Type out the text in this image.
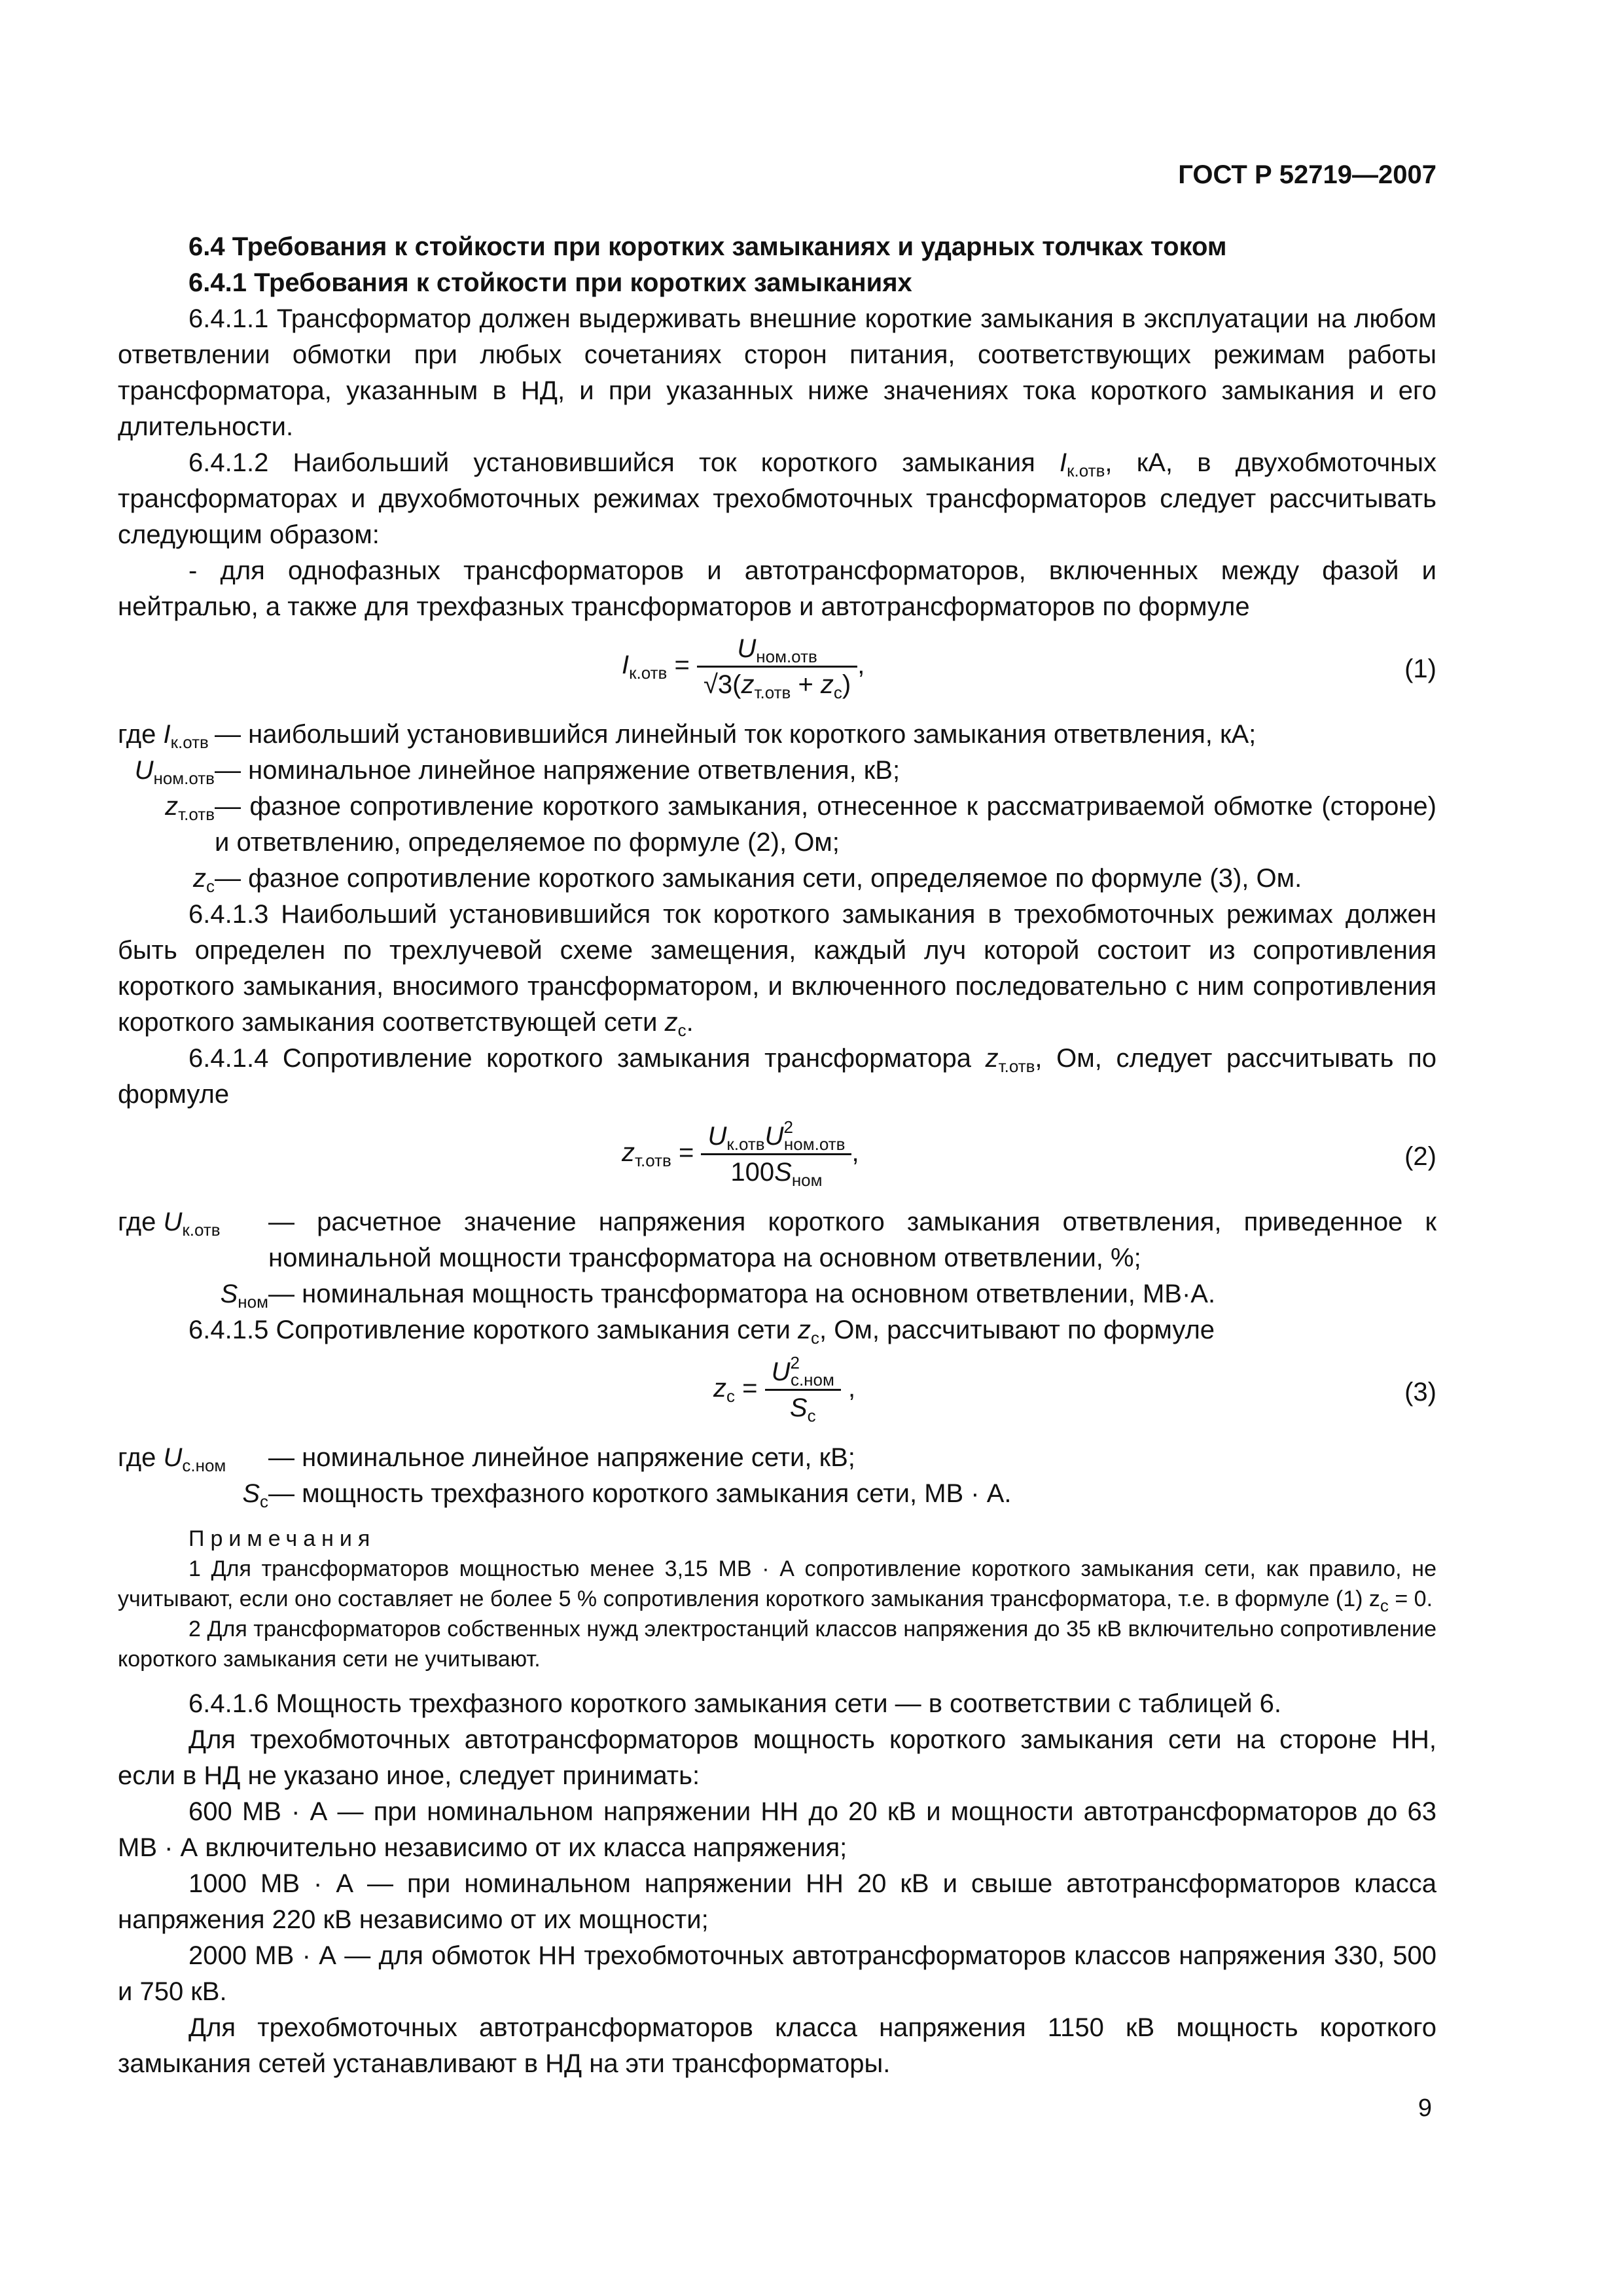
ГОСТ Р 52719—2007

6.4 Требования к стойкости при коротких замыканиях и ударных толчках током

6.4.1 Требования к стойкости при коротких замыканиях

6.4.1.1 Трансформатор должен выдерживать внешние короткие замыкания в эксплуатации на любом ответвлении обмотки при любых сочетаниях сторон питания, соответствующих режимам работы трансформатора, указанным в НД, и при указанных ниже значениях тока короткого замыкания и его длительности.

6.4.1.2 Наибольший установившийся ток короткого замыкания $I_{к.отв}$, кА, в двухобмоточных трансформаторах и двухобмоточных режимах трехобмоточных трансформаторов следует рассчитывать следующим образом:

- для однофазных трансформаторов и автотрансформаторов, включенных между фазой и нейтралью, а также для трехфазных трансформаторов и автотрансформаторов по формуле

$I_{к.отв} = \frac{U_{ном.отв}}{√3(z_{т.отв} + z_c)}$ ,	(1)
где $I_{к.отв}$ — наибольший установившийся линейный ток короткого замыкания ответвления, кА;
$U_{ном.отв}$ — номинальное линейное напряжение ответвления, кВ;
$z_{т.отв}$ — фазное сопротивление короткого замыкания, отнесенное к рассматриваемой обмотке (стороне) и ответвлению, определяемое по формуле (2), Ом;
$z_c$ — фазное сопротивление короткого замыкания сети, определяемое по формуле (3), Ом.

6.4.1.3 Наибольший установившийся ток короткого замыкания в трехобмоточных режимах должен быть определен по трехлучевой схеме замещения, каждый луч которой состоит из сопротивления короткого замыкания, вносимого трансформатором, и включенного последовательно с ним сопротивления короткого замыкания соответствующей сети $z_c$.

6.4.1.4 Сопротивление короткого замыкания трансформатора $z_{т.отв}$, Ом, следует рассчитывать по формуле

$z_{т.отв} = \frac{U_{к.отв}U^2_{ном.отв}}{100S_{ном}}$ ,	(2)
где $U_{к.отв}$	— расчетное значение напряжения короткого замыкания ответвления, приведенное к номинальной мощности трансформатора на основном ответвлении, %;
$S_{ном}$ — номинальная мощность трансформатора на основном ответвлении, МВ·А.

6.4.1.5 Сопротивление короткого замыкания сети $z_c$, Ом, рассчитывают по формуле

$z_c = \frac{U^2_{с.ном}}{S_c}$ ,	(3)
где $U_{с.ном}$	— номинальное линейное напряжение сети, кВ;
$S_с$ — мощность трехфазного короткого замыкания сети, МВ · А.
Примечания

1 Для трансформаторов мощностью менее 3,15 МВ · А сопротивление короткого замыкания сети, как правило, не учитывают, если оно составляет не более 5 % сопротивления короткого замыкания трансформатора, т.е. в формуле (1) $z_c = 0$.

2 Для трансформаторов собственных нужд электростанций классов напряжения до 35 кВ включительно сопротивление короткого замыкания сети не учитывают.

6.4.1.6 Мощность трехфазного короткого замыкания сети — в соответствии с таблицей 6.

Для трехобмоточных автотрансформаторов мощность короткого замыкания сети на стороне НН, если в НД не указано иное, следует принимать:

600 МВ · А — при номинальном напряжении НН до 20 кВ и мощности автотрансформаторов до 63 МВ · А включительно независимо от их класса напряжения;

1000 МВ · А — при номинальном напряжении НН 20 кВ и свыше автотрансформаторов класса напряжения 220 кВ независимо от их мощности;

2000 МВ · А — для обмоток НН трехобмоточных автотрансформаторов классов напряжения 330, 500 и 750 кВ.

Для трехобмоточных автотрансформаторов класса напряжения 1150 кВ мощность короткого замыкания сетей устанавливают в НД на эти трансформаторы.

9
